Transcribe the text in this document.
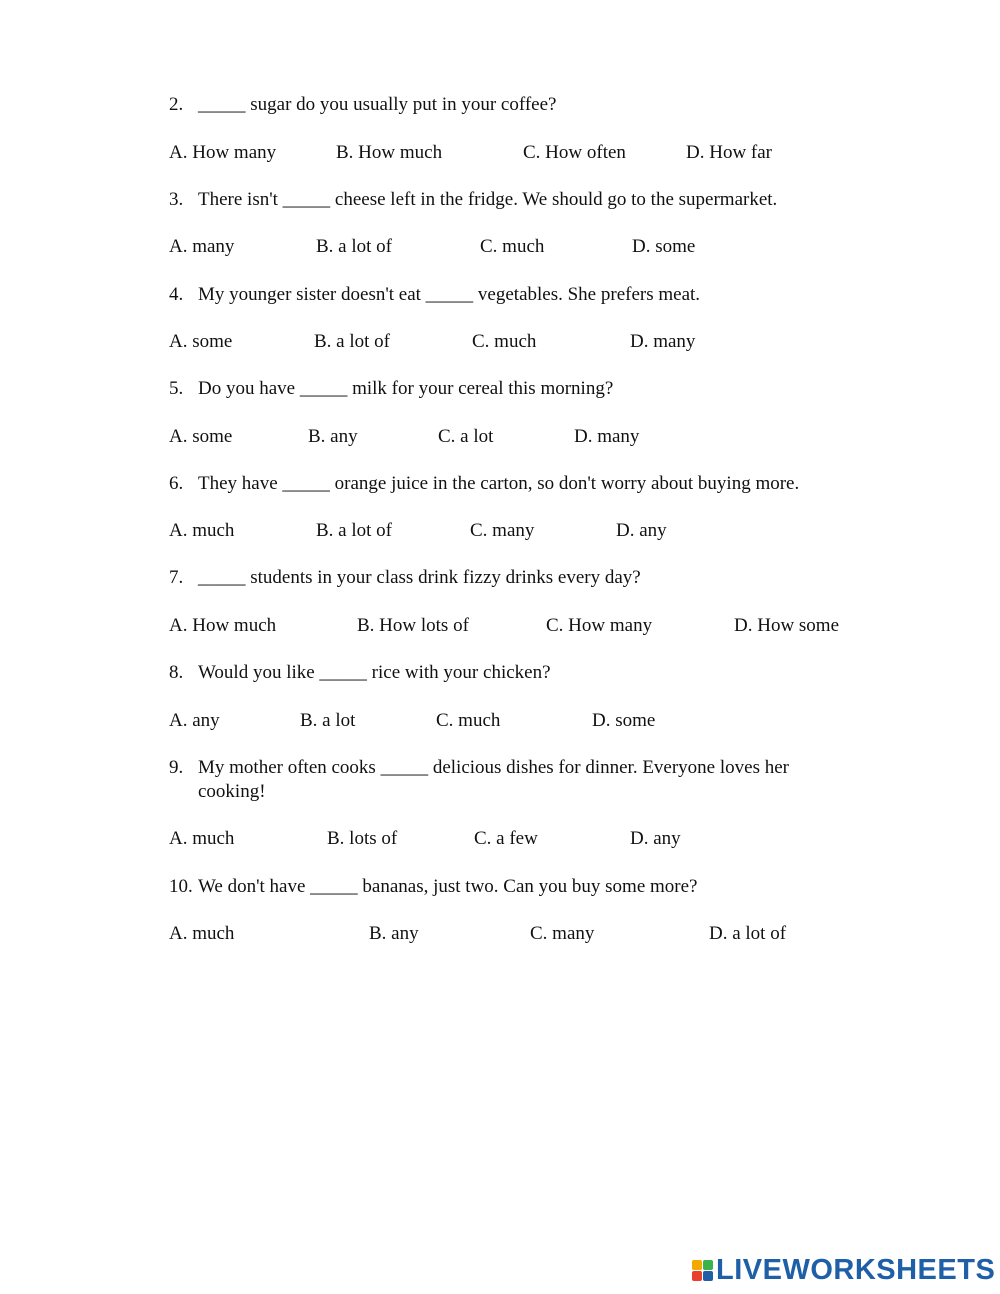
2. _____ sugar do you usually put in your coffee?
A. How many	B. How much	C. How often	D. How far
3. There isn't _____ cheese left in the fridge. We should go to the supermarket.
A. many	B. a lot of	C. much	D. some
4. My younger sister doesn't eat _____ vegetables. She prefers meat.
A. some	B. a lot of	C. much	D. many
5. Do you have _____ milk for your cereal this morning?
A. some	B. any	C. a lot	D. many
6. They have _____ orange juice in the carton, so don't worry about buying more.
A. much	B. a lot of	C. many	D. any
7. _____ students in your class drink fizzy drinks every day?
A. How much	B. How lots of	C. How many	D. How some
8. Would you like _____ rice with your chicken?
A. any	B. a lot	C. much	D. some
9. My mother often cooks _____ delicious dishes for dinner. Everyone loves her
cooking!
A. much	B. lots of	C. a few	D. any
10. We don't have _____ bananas, just two. Can you buy some more?
A. much	B. any	C. many	D. a lot of
LIVEWORKSHEETS
